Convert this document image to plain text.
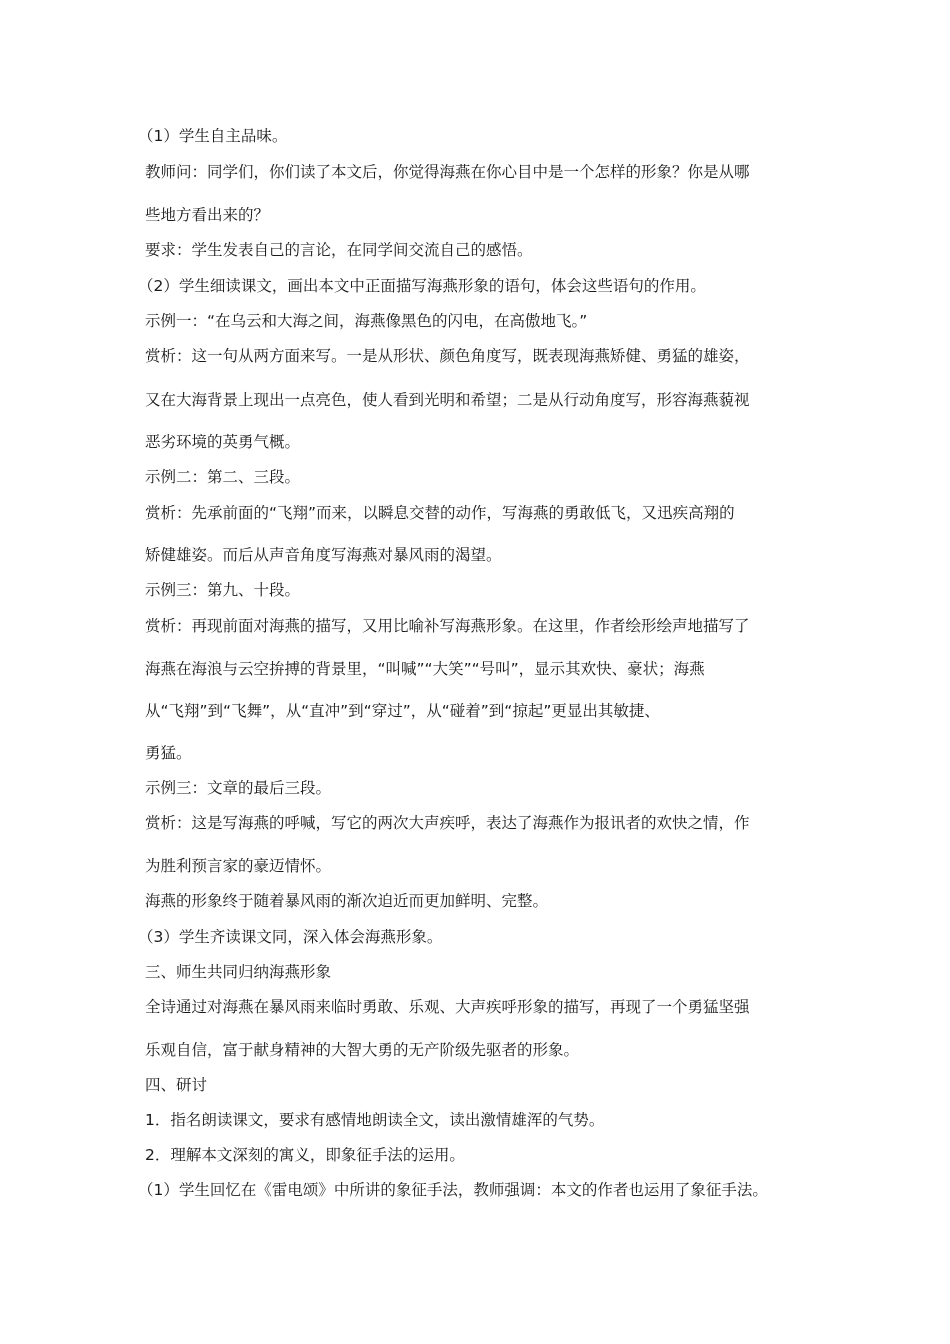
（1）学生自主品味。
教师问：同学们，你们读了本文后，你觉得海燕在你心目中是一个怎样的形象？你是从哪
些地方看出来的？
要求：学生发表自己的言论，在同学间交流自己的感悟。
（2）学生细读课文，画出本文中正面描写海燕形象的语句，体会这些语句的作用。
示例一：“在乌云和大海之间，海燕像黑色的闪电，在高傲地飞。”
赏析：这一句从两方面来写。一是从形状、颜色角度写，既表现海燕矫健、勇猛的雄姿，
又在大海背景上现出一点亮色，使人看到光明和希望；二是从行动角度写，形容海燕藐视
恶劣环境的英勇气概。
示例二：第二、三段。
赏析：先承前面的“飞翔”而来，以瞬息交替的动作，写海燕的勇敢低飞，又迅疾高翔的
矫健雄姿。而后从声音角度写海燕对暴风雨的渴望。
示例三：第九、十段。
赏析：再现前面对海燕的描写，又用比喻补写海燕形象。在这里，作者绘形绘声地描写了
海燕在海浪与云空拚搏的背景里，“叫喊”“大笑”“号叫”，显示其欢快、豪状；海燕
从“飞翔”到“飞舞”，从“直冲”到“穿过”，从“碰着”到“掠起”更显出其敏捷、
勇猛。
示例三：文章的最后三段。
赏析：这是写海燕的呼喊，写它的两次大声疾呼，表达了海燕作为报讯者的欢快之情，作
为胜利预言家的豪迈情怀。
海燕的形象终于随着暴风雨的渐次迫近而更加鲜明、完整。
（3）学生齐读课文同，深入体会海燕形象。
三、师生共同归纳海燕形象
全诗通过对海燕在暴风雨来临时勇敢、乐观、大声疾呼形象的描写，再现了一个勇猛坚强
乐观自信，富于献身精神的大智大勇的无产阶级先驱者的形象。
四、研讨
1．指名朗读课文，要求有感情地朗读全文，读出激情雄浑的气势。
2．理解本文深刻的寓义，即象征手法的运用。
（1）学生回忆在《雷电颂》中所讲的象征手法，教师强调：本文的作者也运用了象征手法。
